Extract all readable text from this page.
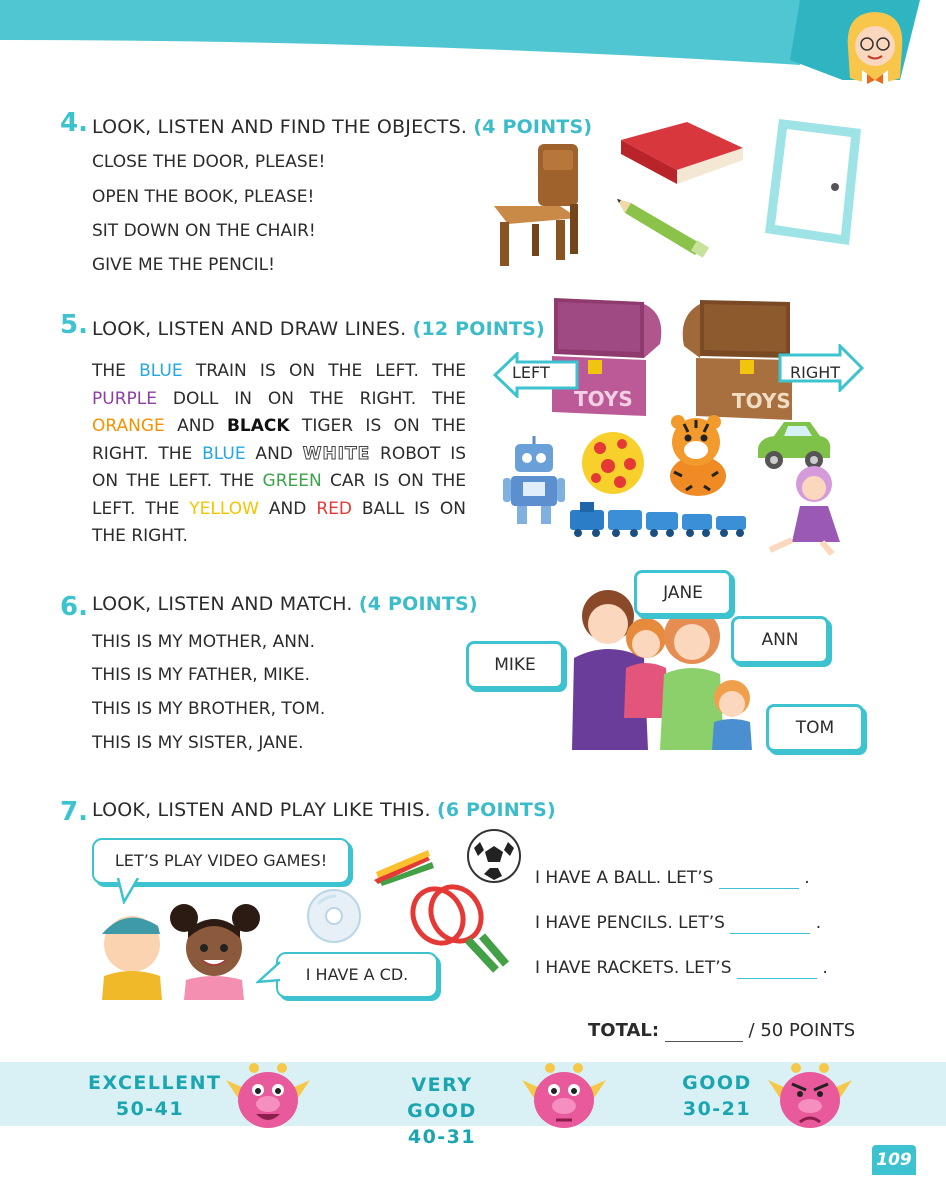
4. LOOK, LISTEN AND FIND THE OBJECTS. (4 POINTS)
CLOSE THE DOOR, PLEASE!
OPEN THE BOOK, PLEASE!
SIT DOWN ON THE CHAIR!
GIVE ME THE PENCIL!
5. LOOK, LISTEN AND DRAW LINES. (12 POINTS)
THE BLUE TRAIN IS ON THE LEFT. THE PURPLE DOLL IN ON THE RIGHT. THE ORANGE AND BLACK TIGER IS ON THE RIGHT. THE BLUE AND WHITE ROBOT IS ON THE LEFT. THE GREEN CAR IS ON THE LEFT. THE YELLOW AND RED BALL IS ON THE RIGHT.
TOYS	TOYS
LEFT	RIGHT
6. LOOK, LISTEN AND MATCH. (4 POINTS)
THIS IS MY MOTHER, ANN.
THIS IS MY FATHER, MIKE.
THIS IS MY BROTHER, TOM.
THIS IS MY SISTER, JANE.
JANE
ANN
MIKE
TOM
7. LOOK, LISTEN AND PLAY LIKE THIS. (6 POINTS)
LET’S PLAY VIDEO GAMES!
I HAVE A CD.
I HAVE A BALL. LET’S	.
I HAVE PENCILS. LET’S	.
I HAVE RACKETS. LET’S	.
TOTAL:	/ 50 POINTS
EXCELLENT
50-41
VERY GOOD
40-31
GOOD
30-21
109
